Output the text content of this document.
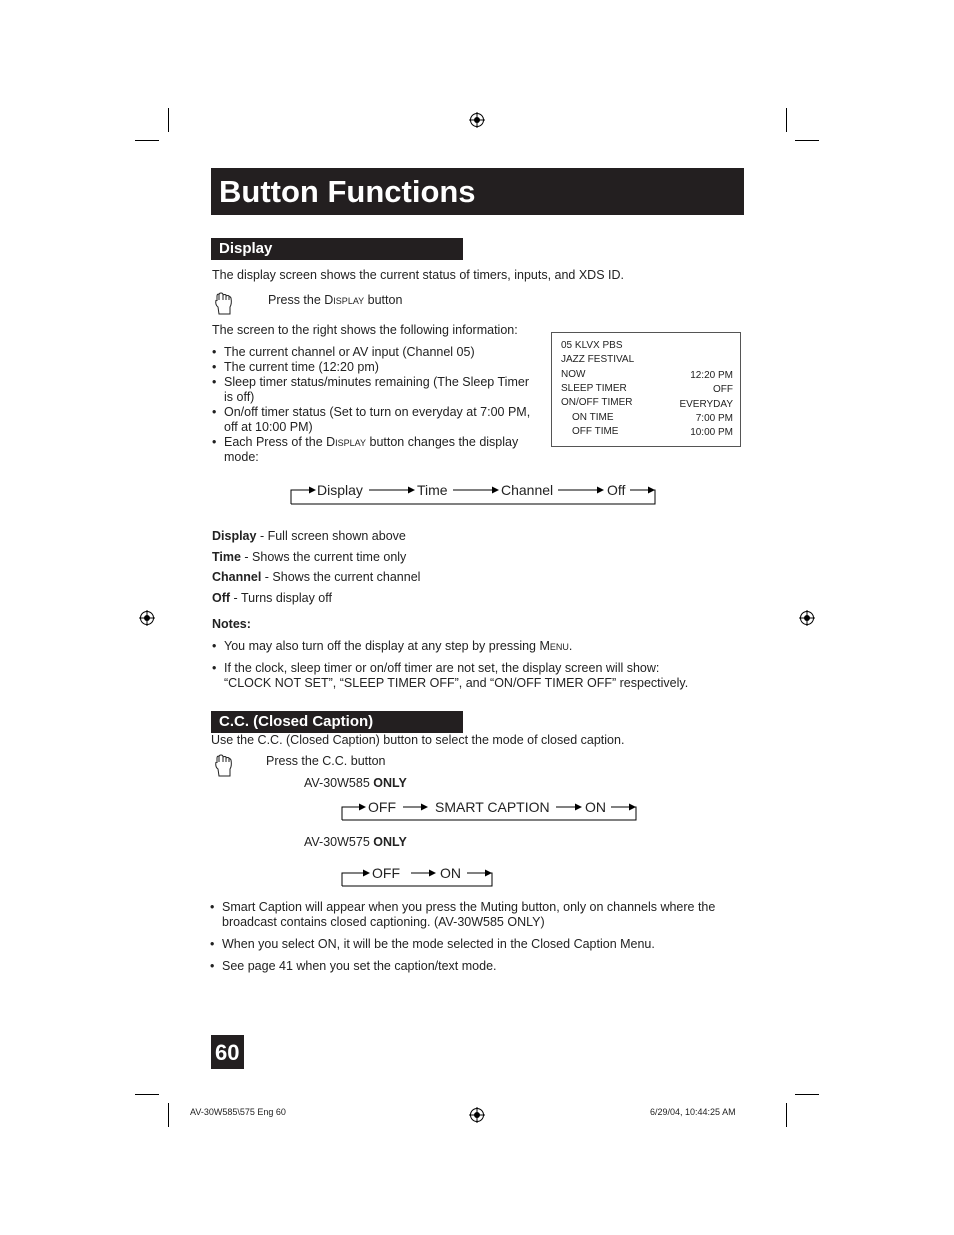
Button Functions
Display
The display screen shows the current status of timers, inputs, and XDS ID.
Press the Display button
The screen to the right shows the following information:
• The current channel or AV input (Channel 05)
• The current time (12:20 pm)
• Sleep timer status/minutes remaining (The Sleep Timer
is off)
• On/off timer status (Set to turn on everyday at 7:00 PM,
off at 10:00 PM)
• Each Press of the Display button changes the display
mode:
05 KLVX PBS
JAZZ FESTIVAL
NOW	12:20 PM
SLEEP TIMER	OFF
ON/OFF TIMER	EVERYDAY
ON TIME	7:00 PM
OFF TIME	10:00 PM
Display	Time	Channel	Off
Display - Full screen shown above
Time - Shows the current time only
Channel - Shows the current channel
Off - Turns display off
Notes:
• You may also turn off the display at any step by pressing Menu.
• If the clock, sleep timer or on/off timer are not set, the display screen will show:
“CLOCK NOT SET”, “SLEEP TIMER OFF”, and “ON/OFF TIMER OFF” respectively.
C.C. (Closed Caption)
Use the C.C. (Closed Caption) button to select the mode of closed caption.
Press the C.C. button
AV-30W585 ONLY
OFF	SMART CAPTION	ON
AV-30W575 ONLY
OFF	ON
• Smart Caption will appear when you press the Muting button, only on channels where the
broadcast contains closed captioning. (AV-30W585 ONLY)
• When you select ON, it will be the mode selected in the Closed Caption Menu.
• See page 41 when you set the caption/text mode.
60
AV-30W585\575 Eng 60	6/29/04, 10:44:25 AM
